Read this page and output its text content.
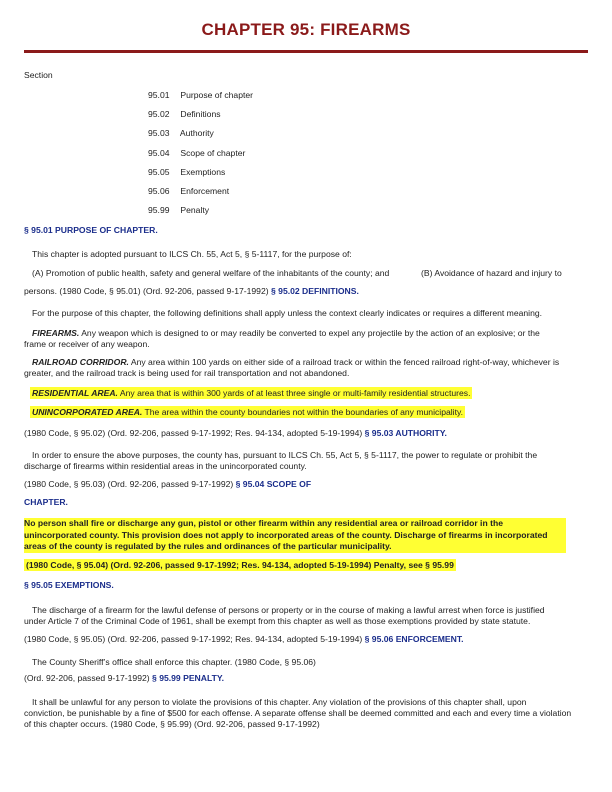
CHAPTER 95: FIREARMS
Section
95.01 Purpose of chapter
95.02 Definitions
95.03 Authority
95.04 Scope of chapter
95.05 Exemptions
95.06 Enforcement
95.99 Penalty
§ 95.01 PURPOSE OF CHAPTER.
This chapter is adopted pursuant to ILCS Ch. 55, Act 5, § 5-1117, for the purpose of:
(A) Promotion of public health, safety and general welfare of the inhabitants of the county; and	(B) Avoidance of hazard and injury to
persons. (1980 Code, § 95.01) (Ord. 92-206, passed 9-17-1992) § 95.02 DEFINITIONS.
For the purpose of this chapter, the following definitions shall apply unless the context clearly indicates or requires a different meaning.
FIREARMS. Any weapon which is designed to or may readily be converted to expel any projectile by the action of an explosive; or the
frame or receiver of any weapon.
RAILROAD CORRIDOR. Any area within 100 yards on either side of a railroad track or within the fenced railroad right-of-way, whichever is
greater, and the railroad track is being used for rail transportation and not abandoned.
RESIDENTIAL AREA. Any area that is within 300 yards of at least three single or multi-family residential structures.
UNINCORPORATED AREA. The area within the county boundaries not within the boundaries of any municipality.
(1980 Code, § 95.02) (Ord. 92-206, passed 9-17-1992; Res. 94-134, adopted 5-19-1994) § 95.03 AUTHORITY.
In order to ensure the above purposes, the county has, pursuant to ILCS Ch. 55, Act 5, § 5-1117, the power to regulate or prohibit the
discharge of firearms within residential areas in the unincorporated county.
(1980 Code, § 95.03) (Ord. 92-206, passed 9-17-1992) § 95.04 SCOPE OF
CHAPTER.
No person shall fire or discharge any gun, pistol or other firearm within any residential area or railroad corridor in the
unincorporated county. This provision does not apply to incorporated areas of the county. Discharge of firearms in incorporated
areas of the county is regulated by the rules and ordinances of the particular municipality.
(1980 Code, § 95.04) (Ord. 92-206, passed 9-17-1992; Res. 94-134, adopted 5-19-1994) Penalty, see § 95.99
§ 95.05 EXEMPTIONS.
The discharge of a firearm for the lawful defense of persons or property or in the course of making a lawful arrest when force is justified
under Article 7 of the Criminal Code of 1961, shall be exempt from this chapter as well as those exemptions provided by state statute.
(1980 Code, § 95.05) (Ord. 92-206, passed 9-17-1992; Res. 94-134, adopted 5-19-1994) § 95.06 ENFORCEMENT.
The County Sheriff’s office shall enforce this chapter. (1980 Code, § 95.06)
(Ord. 92-206, passed 9-17-1992) § 95.99 PENALTY.
It shall be unlawful for any person to violate the provisions of this chapter. Any violation of the provisions of this chapter shall, upon
conviction, be punishable by a fine of $500 for each offense. A separate offense shall be deemed committed and each and every time a violation
of this chapter occurs. (1980 Code, § 95.99) (Ord. 92-206, passed 9-17-1992)
